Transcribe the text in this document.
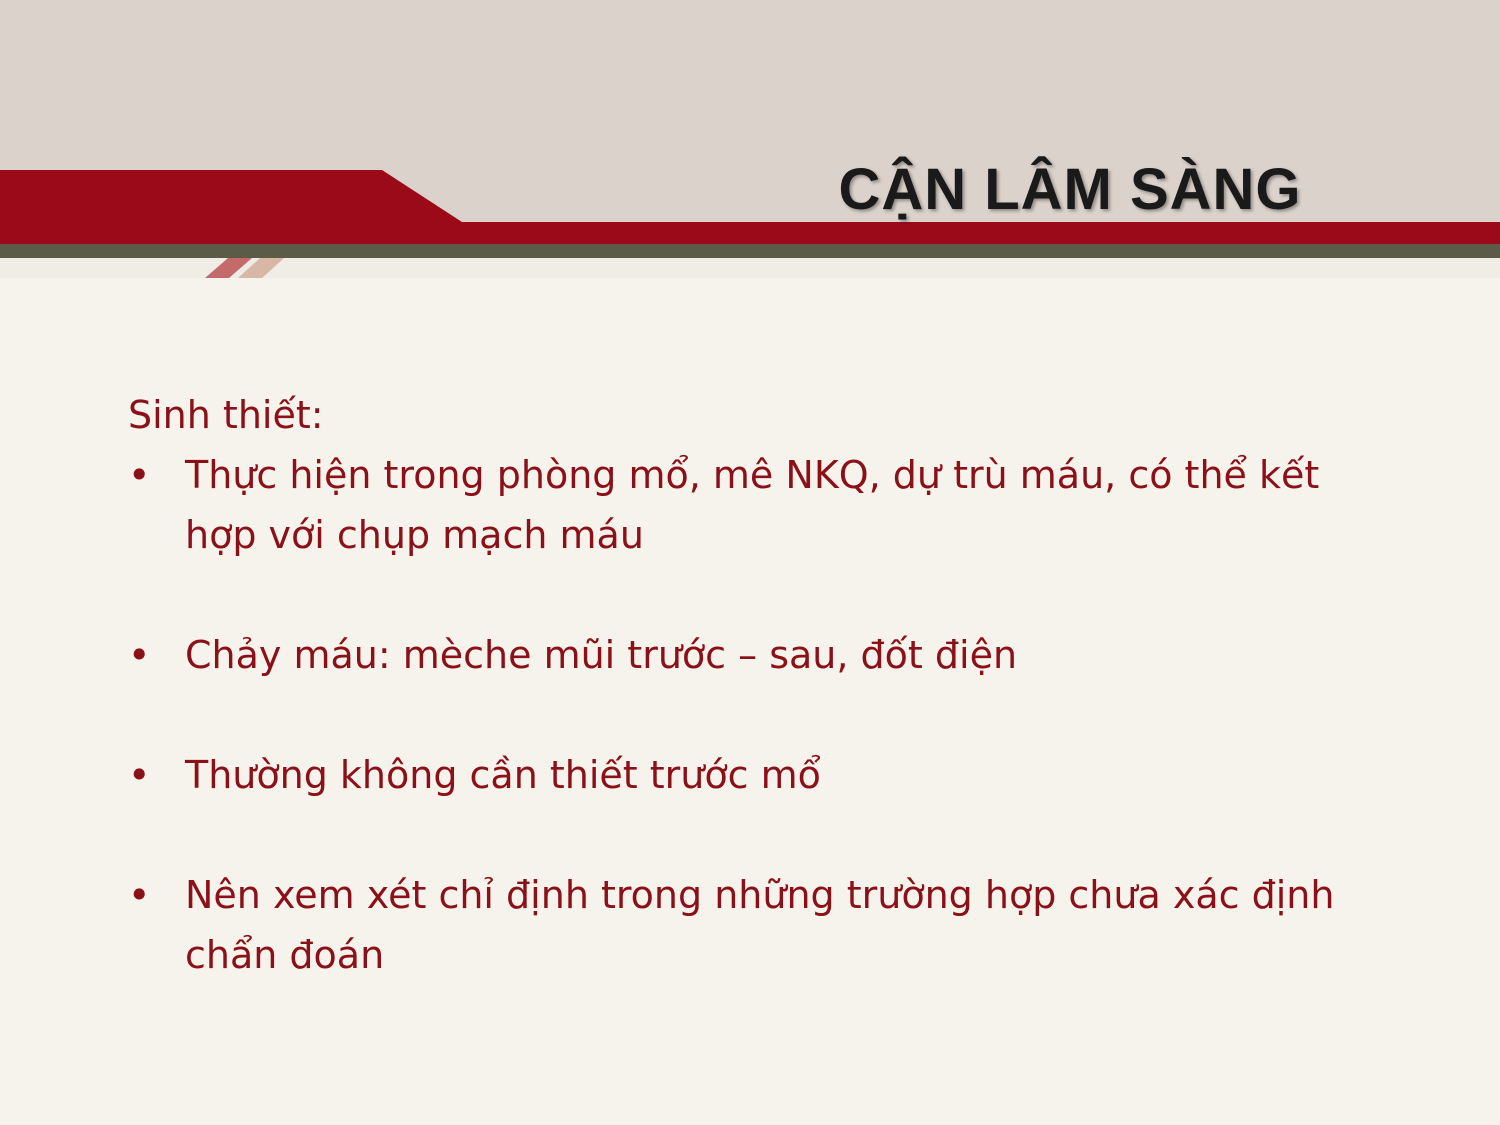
CẬN LÂM SÀNG

Sinh thiết:

• Thực hiện trong phòng mổ, mê NKQ, dự trù máu, có thể kết hợp với chụp mạch máu
• Chảy máu: mèche mũi trước – sau, đốt điện
• Thường không cần thiết trước mổ
• Nên xem xét chỉ định trong những trường hợp chưa xác định chẩn đoán
